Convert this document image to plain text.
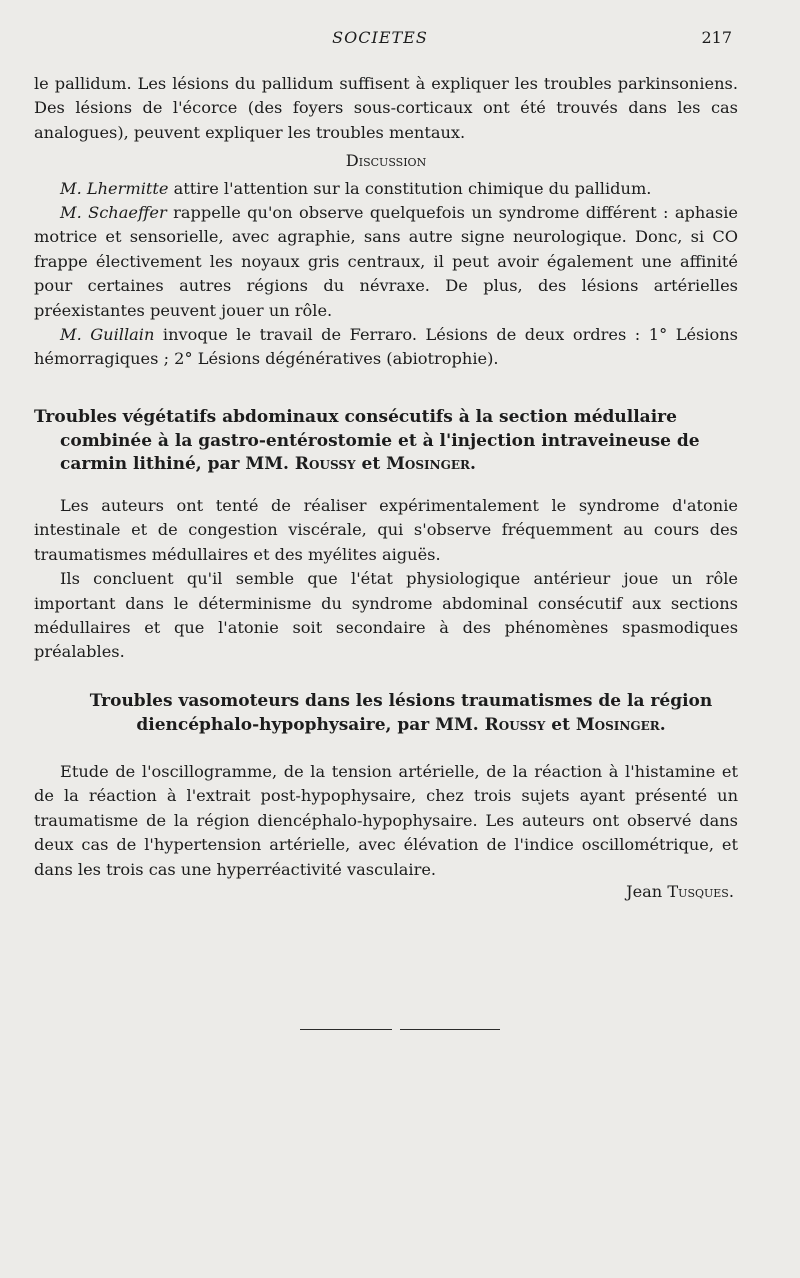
SOCIETES	217

le pallidum. Les lésions du pallidum suffisent à expliquer les troubles parkinsoniens. Des lésions de l'écorce (des foyers sous-corticaux ont été trouvés dans les cas analogues), peuvent expliquer les troubles mentaux.

Discussion

M. Lhermitte attire l'attention sur la constitution chimique du pallidum.

M. Schaeffer rappelle qu'on observe quelquefois un syndrome différent : aphasie motrice et sensorielle, avec agraphie, sans autre signe neurologique. Donc, si CO frappe électivement les noyaux gris centraux, il peut avoir également une affinité pour certaines autres régions du névraxe. De plus, des lésions artérielles préexistantes peuvent jouer un rôle.

M. Guillain invoque le travail de Ferraro. Lésions de deux ordres : 1° Lésions hémorragiques ; 2° Lésions dégénératives (abiotrophie).

Troubles végétatifs abdominaux consécutifs à la section médullaire

combinée à la gastro-entérostomie et à l'injection intraveineuse de

carmin lithiné, par MM. Roussy et Mosinger.

Les auteurs ont tenté de réaliser expérimentalement le syndrome d'atonie intestinale et de congestion viscérale, qui s'observe fréquemment au cours des traumatismes médullaires et des myélites aiguës.

Ils concluent qu'il semble que l'état physiologique antérieur joue un rôle important dans le déterminisme du syndrome abdominal consécutif aux sections médullaires et que l'atonie soit secondaire à des phénomènes spasmodiques préalables.

Troubles vasomoteurs dans les lésions traumatismes de la région

diencéphalo-hypophysaire, par MM. Roussy et Mosinger.

Etude de l'oscillogramme, de la tension artérielle, de la réaction à l'histamine et de la réaction à l'extrait post-hypophysaire, chez trois sujets ayant présenté un traumatisme de la région diencéphalo-hypophysaire. Les auteurs ont observé dans deux cas de l'hypertension artérielle, avec élévation de l'indice oscillométrique, et dans les trois cas une hyperréactivité vasculaire.

Jean Tusques.
